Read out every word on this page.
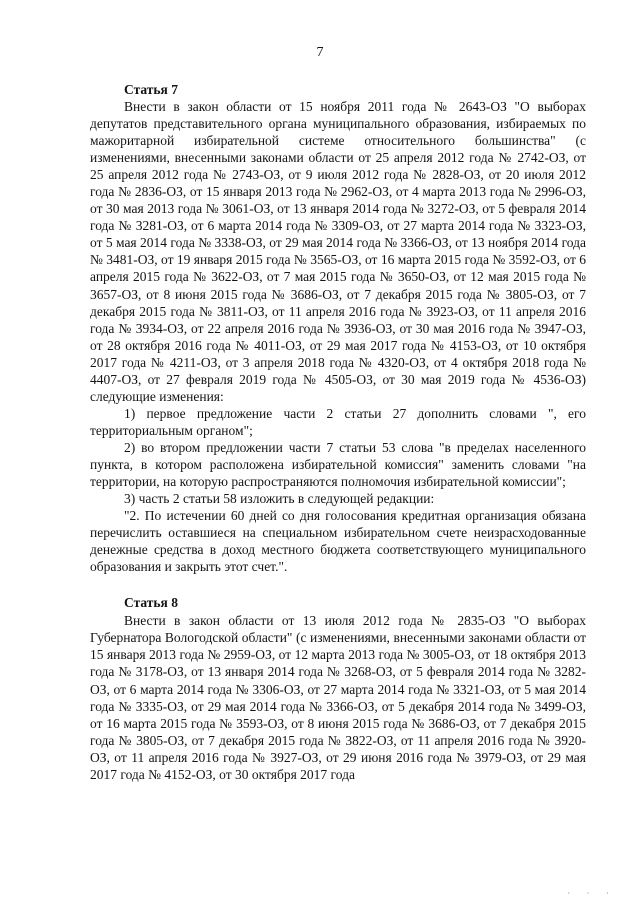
7
Статья 7

Внести в закон области от 15 ноября 2011 года № 2643-ОЗ "О выборах депутатов представительного органа муниципального образования, избираемых по мажоритарной избирательной системе относительного большинства" (с изменениями, внесенными законами области от 25 апреля 2012 года № 2742-ОЗ, от 25 апреля 2012 года № 2743-ОЗ, от 9 июля 2012 года № 2828-ОЗ, от 20 июля 2012 года № 2836-ОЗ, от 15 января 2013 года № 2962-ОЗ, от 4 марта 2013 года № 2996-ОЗ, от 30 мая 2013 года № 3061-ОЗ, от 13 января 2014 года № 3272-ОЗ, от 5 февраля 2014 года № 3281-ОЗ, от 6 марта 2014 года № 3309-ОЗ, от 27 марта 2014 года № 3323-ОЗ, от 5 мая 2014 года № 3338-ОЗ, от 29 мая 2014 года № 3366-ОЗ, от 13 ноября 2014 года № 3481-ОЗ, от 19 января 2015 года № 3565-ОЗ, от 16 марта 2015 года № 3592-ОЗ, от 6 апреля 2015 года № 3622-ОЗ, от 7 мая 2015 года № 3650-ОЗ, от 12 мая 2015 года № 3657-ОЗ, от 8 июня 2015 года № 3686-ОЗ, от 7 декабря 2015 года № 3805-ОЗ, от 7 декабря 2015 года № 3811-ОЗ, от 11 апреля 2016 года № 3923-ОЗ, от 11 апреля 2016 года № 3934-ОЗ, от 22 апреля 2016 года № 3936-ОЗ, от 30 мая 2016 года № 3947-ОЗ, от 28 октября 2016 года № 4011-ОЗ, от 29 мая 2017 года № 4153-ОЗ, от 10 октября 2017 года № 4211-ОЗ, от 3 апреля 2018 года № 4320-ОЗ, от 4 октября 2018 года № 4407-ОЗ, от 27 февраля 2019 года № 4505-ОЗ, от 30 мая 2019 года № 4536-ОЗ) следующие изменения:

1) первое предложение части 2 статьи 27 дополнить словами ", его территориальным органом";

2) во втором предложении части 7 статьи 53 слова "в пределах населенного пункта, в котором расположена избирательной комиссия" заменить словами "на территории, на которую распространяются полномочия избирательной комиссии";

3) часть 2 статьи 58 изложить в следующей редакции:

"2. По истечении 60 дней со дня голосования кредитная организация обязана перечислить оставшиеся на специальном избирательном счете неизрасходованные денежные средства в доход местного бюджета соответствующего муниципального образования и закрыть этот счет.".

Статья 8

Внести в закон области от 13 июля 2012 года № 2835-ОЗ "О выборах Губернатора Вологодской области" (с изменениями, внесенными законами области от 15 января 2013 года № 2959-ОЗ, от 12 марта 2013 года № 3005-ОЗ, от 18 октября 2013 года № 3178-ОЗ, от 13 января 2014 года № 3268-ОЗ, от 5 февраля 2014 года № 3282-ОЗ, от 6 марта 2014 года № 3306-ОЗ, от 27 марта 2014 года № 3321-ОЗ, от 5 мая 2014 года № 3335-ОЗ, от 29 мая 2014 года № 3366-ОЗ, от 5 декабря 2014 года № 3499-ОЗ, от 16 марта 2015 года № 3593-ОЗ, от 8 июня 2015 года № 3686-ОЗ, от 7 декабря 2015 года № 3805-ОЗ, от 7 декабря 2015 года № 3822-ОЗ, от 11 апреля 2016 года № 3920-ОЗ, от 11 апреля 2016 года № 3927-ОЗ, от 29 июня 2016 года № 3979-ОЗ, от 29 мая 2017 года № 4152-ОЗ, от 30 октября 2017 года

· · ·
